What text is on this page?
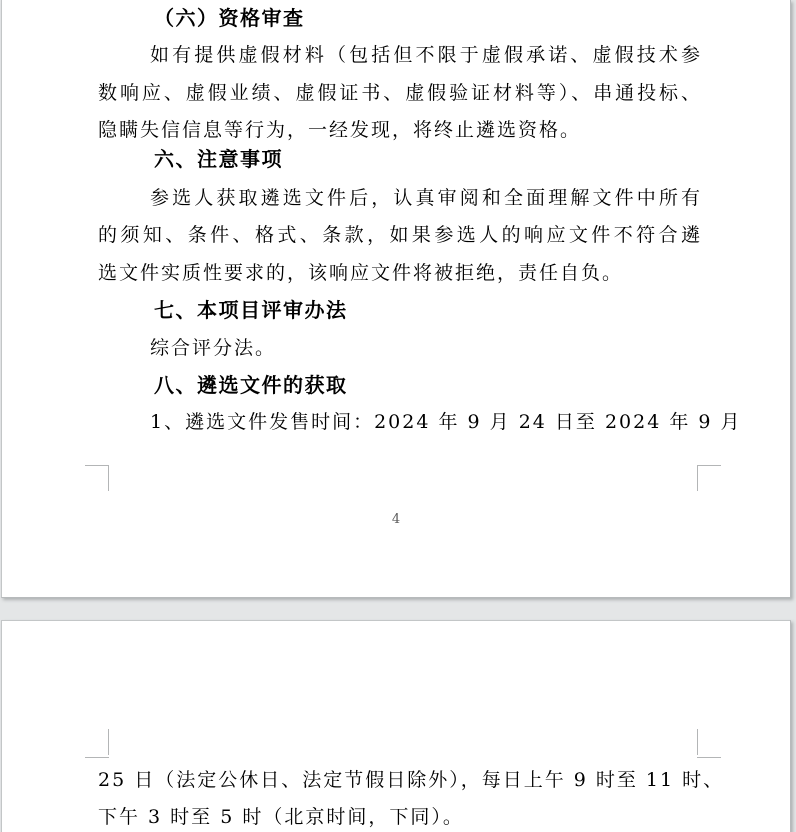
（六）资格审查
如有提供虚假材料（包括但不限于虚假承诺、虚假技术参
数响应、虚假业绩、虚假证书、虚假验证材料等）、串通投标、
隐瞒失信信息等行为，一经发现，将终止遴选资格。
六、注意事项
参选人获取遴选文件后，认真审阅和全面理解文件中所有
的须知、条件、格式、条款，如果参选人的响应文件不符合遴
选文件实质性要求的，该响应文件将被拒绝，责任自负。
七、本项目评审办法
综合评分法。
八、遴选文件的获取
1、遴选文件发售时间：2024 年 9 月 24 日至 2024 年 9 月
4
25 日（法定公休日、法定节假日除外），每日上午 9 时至 11 时、
下午 3 时至 5 时（北京时间，下同）。
